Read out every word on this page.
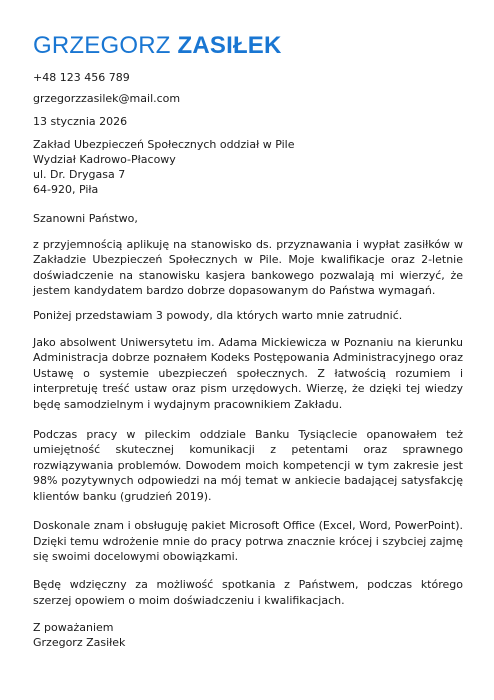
GRZEGORZ ZASIŁEK

+48 123 456 789

grzegorzzasilek@mail.com

13 stycznia 2026

Zakład Ubezpieczeń Społecznych oddział w Pile

Wydział Kadrowo-Płacowy

ul. Dr. Drygasa 7

64-920, Piła

Szanowni Państwo,

z przyjemnością aplikuję na stanowisko ds. przyznawania i wypłat zasiłków w Zakładzie Ubezpieczeń Społecznych w Pile. Moje kwalifikacje oraz 2-letnie doświadczenie na stanowisku kasjera bankowego pozwalają mi wierzyć, że jestem kandydatem bardzo dobrze dopasowanym do Państwa wymagań.

Poniżej przedstawiam 3 powody, dla których warto mnie zatrudnić.

Jako absolwent Uniwersytetu im. Adama Mickiewicza w Poznaniu na kierunku Administracja dobrze poznałem Kodeks Postępowania Administracyjnego oraz Ustawę o systemie ubezpieczeń społecznych. Z łatwością rozumiem i interpretuję treść ustaw oraz pism urzędowych. Wierzę, że dzięki tej wiedzy będę samodzielnym i wydajnym pracownikiem Zakładu.

Podczas pracy w pileckim oddziale Banku Tysiąclecie opanowałem też umiejętność skutecznej komunikacji z petentami oraz sprawnego rozwiązywania problemów. Dowodem moich kompetencji w tym zakresie jest 98% pozytywnych odpowiedzi na mój temat w ankiecie badającej satysfakcję klientów banku (grudzień 2019).

Doskonale znam i obsługuję pakiet Microsoft Office (Excel, Word, PowerPoint). Dzięki temu wdrożenie mnie do pracy potrwa znacznie krócej i szybciej zajmę się swoimi docelowymi obowiązkami.

Będę wdzięczny za możliwość spotkania z Państwem, podczas którego szerzej opowiem o moim doświadczeniu i kwalifikacjach.

Z poważaniem

Grzegorz Zasiłek
